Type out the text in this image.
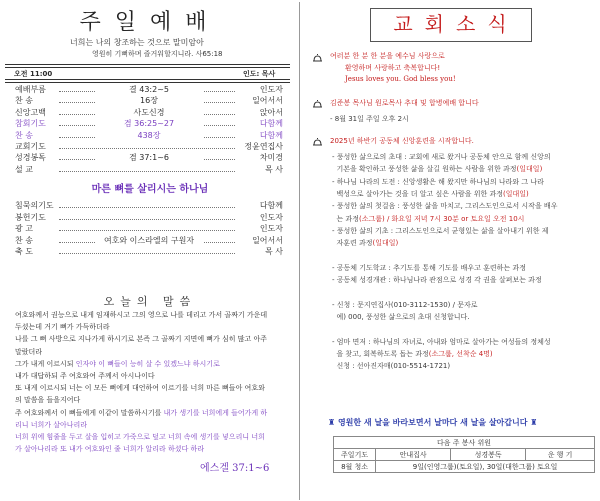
주일예배
너희는 나의 창조하는 것으로 말미암아
영원히 기뻐하며 즐거워할지니라. 사65:18
오전 11:00	인도: 목사
예배부름	결 43:2~5	인도자
찬 송	16장	일어서서
신앙고백	사도신경	앉아서
참회기도	겸 36:25~27	다함께
찬 송	438장	다함께
교회기도	정윤연집사
성경봉독	겸 37:1~6	차미경
설 교	목 사
마른 뼈를 살리시는 하나님
침묵의기도	다함께
봉헌기도	인도자
광 고	인도자
찬 송	여호와 이스라엘의 구원자	일어서서
축 도	목 사
오늘의 말씀
여호와께서 권능으로 내게 임재하시고 그의 영으로 나를 데리고 가서 골짜기 가운데
두셨는데 거기 뼈가 가득하더라
나를 그 뼈 사방으로 지나가게 하시기로 본즉 그 골짜기 지면에 뼈가 심히 많고 아주
말랐더라
그가 내게 이르시되 인자야 이 뼈들이 능히 살 수 있겠느냐 하시기로
내가 대답하되 주 여호와여 주께서 아시나이다
또 내게 이르시되 너는 이 모든 뼈에게 대언하여 이르기를 너희 마른 뼈들아 여호와
의 말씀을 들을지어다
주 여호와께서 이 뼈들에게 이같이 말씀하시기를 내가 생기를 너희에게 들어가게 하
리니 너희가 살아나리라
너희 위에 힘줄을 두고 살을 입히고 가죽으로 덮고 너희 속에 생기를 넣으리니 너희
가 살아나리라 또 내가 여호와인 줄 너희가 알리라 하셨다 하라
에스겔 37:1~6
교회소식
여러분 한 분 한 분을 예수님 사랑으로
환영하며 사랑하고 축복합니다!
Jesus loves you. God bless you!
김준봉 목사님 원로목사 추대 및 합병예배 합니다
- 8월 31일 주일 오후 2시
2025년 하반기 공동체 신앙훈련을 시작합니다.
- 풍성한 삶으로의 초대 : 교회에 새로 왔거나 공동체 안으로 함께 신앙의
기본을 확인하고 풍성한 삶을 살길 원하는 사람을 위한 과정(일대일)
- 하나님 나라의 도전 : 신앙생활은 해 왔지만 하나님의 나라와 그 나라
백성으로 살아가는 것을 더 알고 싶은 사람을 위한 과정(일대일)
- 풍성한 삶의 첫걸음 : 풍성한 삶을 마치고, 그리스도인으로서 시작을 배우
는 과정(소그룹) / 화요일 저녁 7시 30분 or 토요일 오전 10시
- 풍성한 삶의 기초 : 그리스도인으로서 균형있는 삶을 살아내기 위한 제
자훈련 과정(일대일)
- 공동체 기도학교 : 추기도를 통해 기도를 배우고 훈련하는 과정
- 공동체 성경개관 : 하나님나라 관점으로 성경 각 권을 살펴보는 과정
- 신청 : 문지연집사(010-3112-1530) / 문자로
예) 000, 풍성한 삶으로의 초대 신청합니다.
- 엄마 면저 : 하나님의 자녀로, 아내와 엄마로 살아가는 여성들의 정체성
을 찾고, 회복하도록 돕는 과정(소그룹, 선착순 4명)
신청 : 선아진자매(010-5514-1721)
♜ 영원한 새 날을 바라보면서 날마다 새 날을 살아갑니다 ♜
다음 주 봉사 위원			
주일기도	안내집사	성경봉독	운 행 기
8월 청소	9일(인영그룹)(토요일), 30일(대한그룹) 토요일		
